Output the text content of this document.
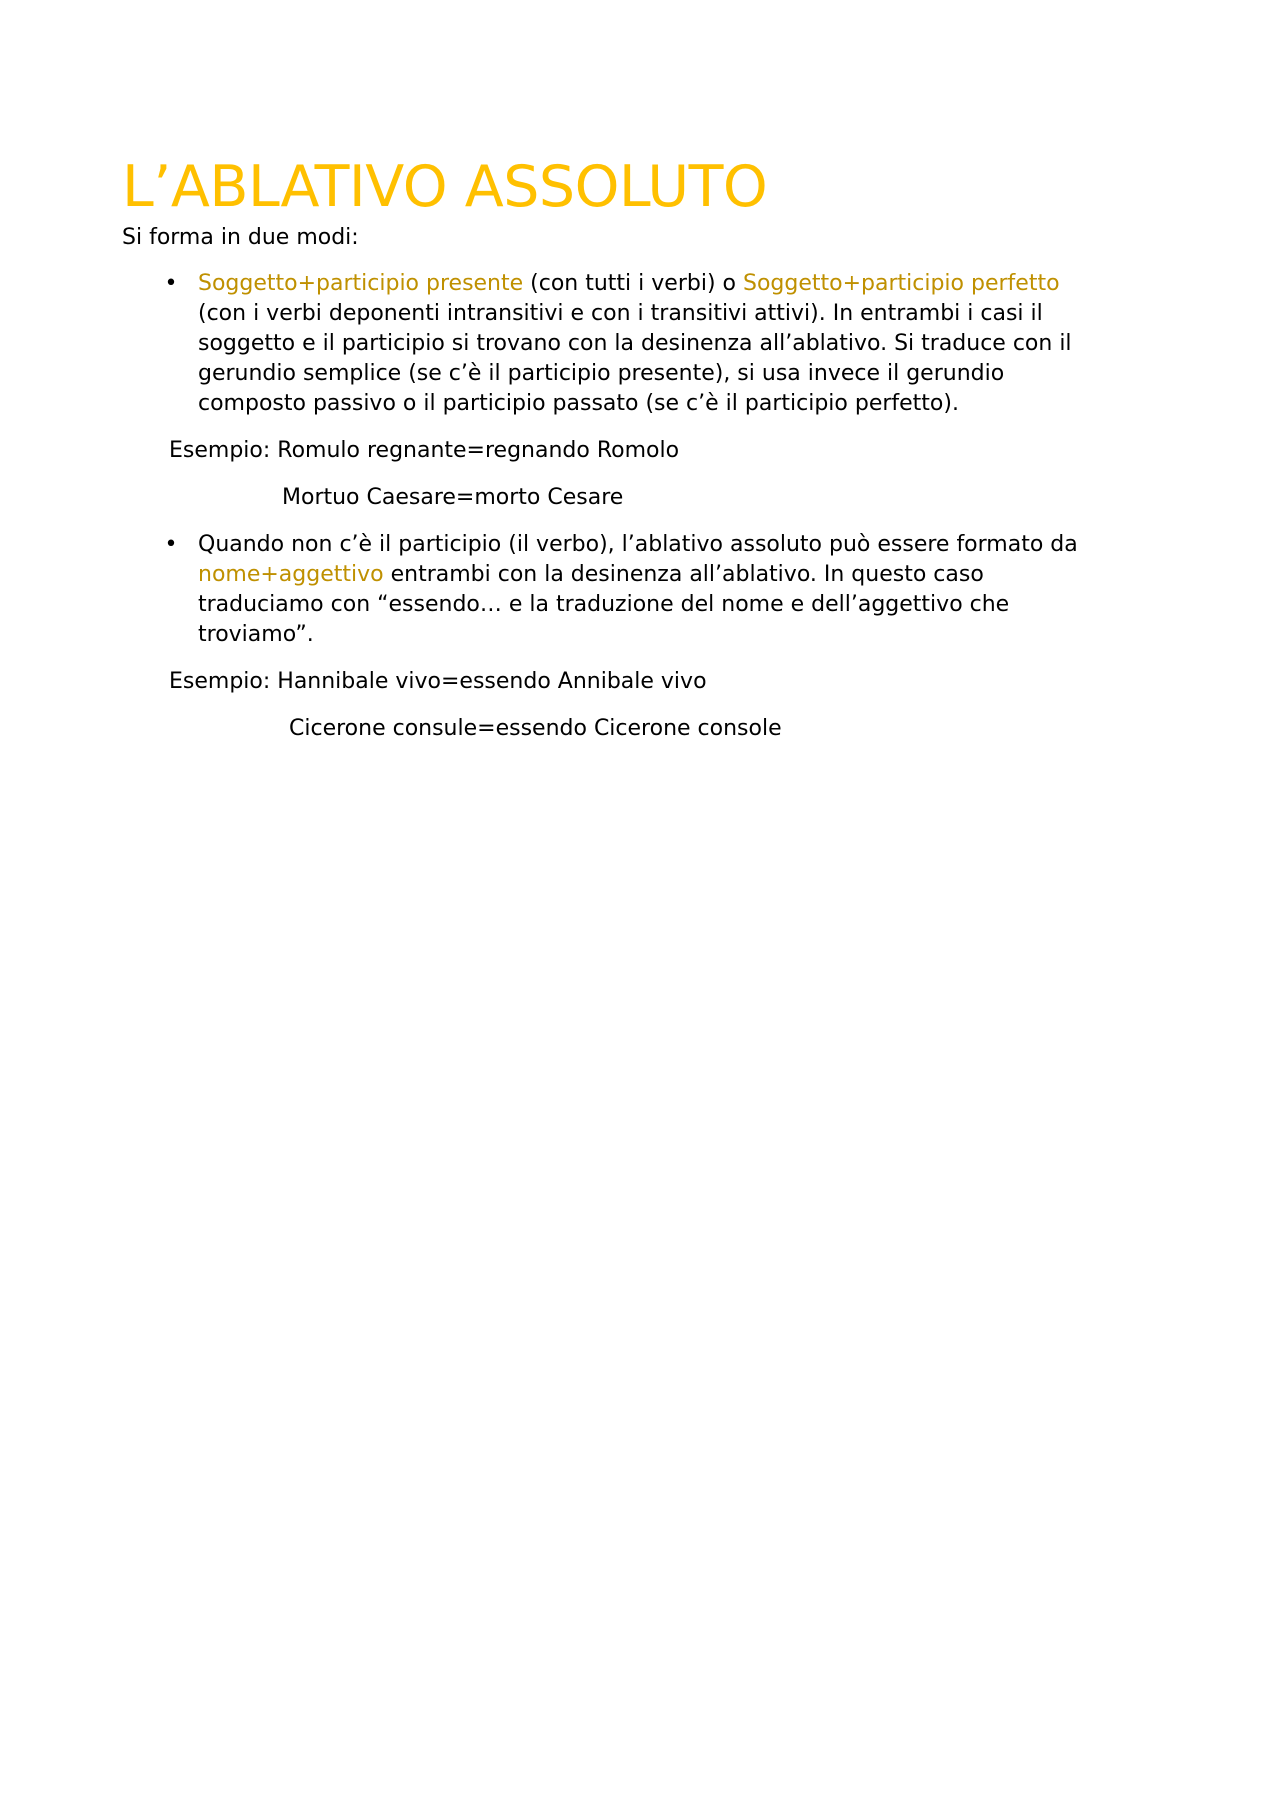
L’ABLATIVO ASSOLUTO
Si forma in due modi:
• Soggetto+participio presente (con tutti i verbi) o Soggetto+participio perfetto

(con i verbi deponenti intransitivi e con i transitivi attivi). In entrambi i casi il

soggetto e il participio si trovano con la desinenza all’ablativo. Si traduce con il

gerundio semplice (se c’è il participio presente), si usa invece il gerundio

composto passivo o il participio passato (se c’è il participio perfetto).

Esempio: Romulo regnante=regnando Romolo
Mortuo Caesare=morto Cesare
• Quando non c’è il participio (il verbo), l’ablativo assoluto può essere formato da

nome+aggettivo entrambi con la desinenza all’ablativo. In questo caso

traduciamo con “essendo… e la traduzione del nome e dell’aggettivo che

troviamo”.

Esempio: Hannibale vivo=essendo Annibale vivo
Cicerone consule=essendo Cicerone console
